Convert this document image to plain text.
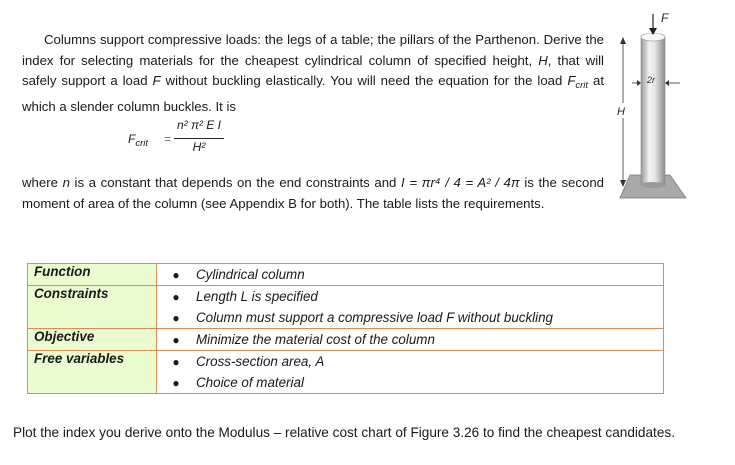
Columns support compressive loads: the legs of a table; the pillars of the Parthenon. Derive the index for selecting materials for the cheapest cylindrical column of specified height, H, that will safely support a load F without buckling elastically. You will need the equation for the load $F_{crit}$ at which a slender column buckles. It is
$F_{crit}$ =
n² π² E I
H²
where n is a constant that depends on the end constraints and I = πr⁴ / 4 = A² / 4π is the second moment of area of the column (see Appendix B for both). The table lists the requirements.
F
H
2r
Function	● Cylindrical column

Constraints	● Length L is specified
● Column must support a compressive load F without buckling

Objective	● Minimize the material cost of the column

Free variables	● Cross-section area, A
● Choice of material
Plot the index you derive onto the Modulus – relative cost chart of Figure 3.26 to find the cheapest candidates.
